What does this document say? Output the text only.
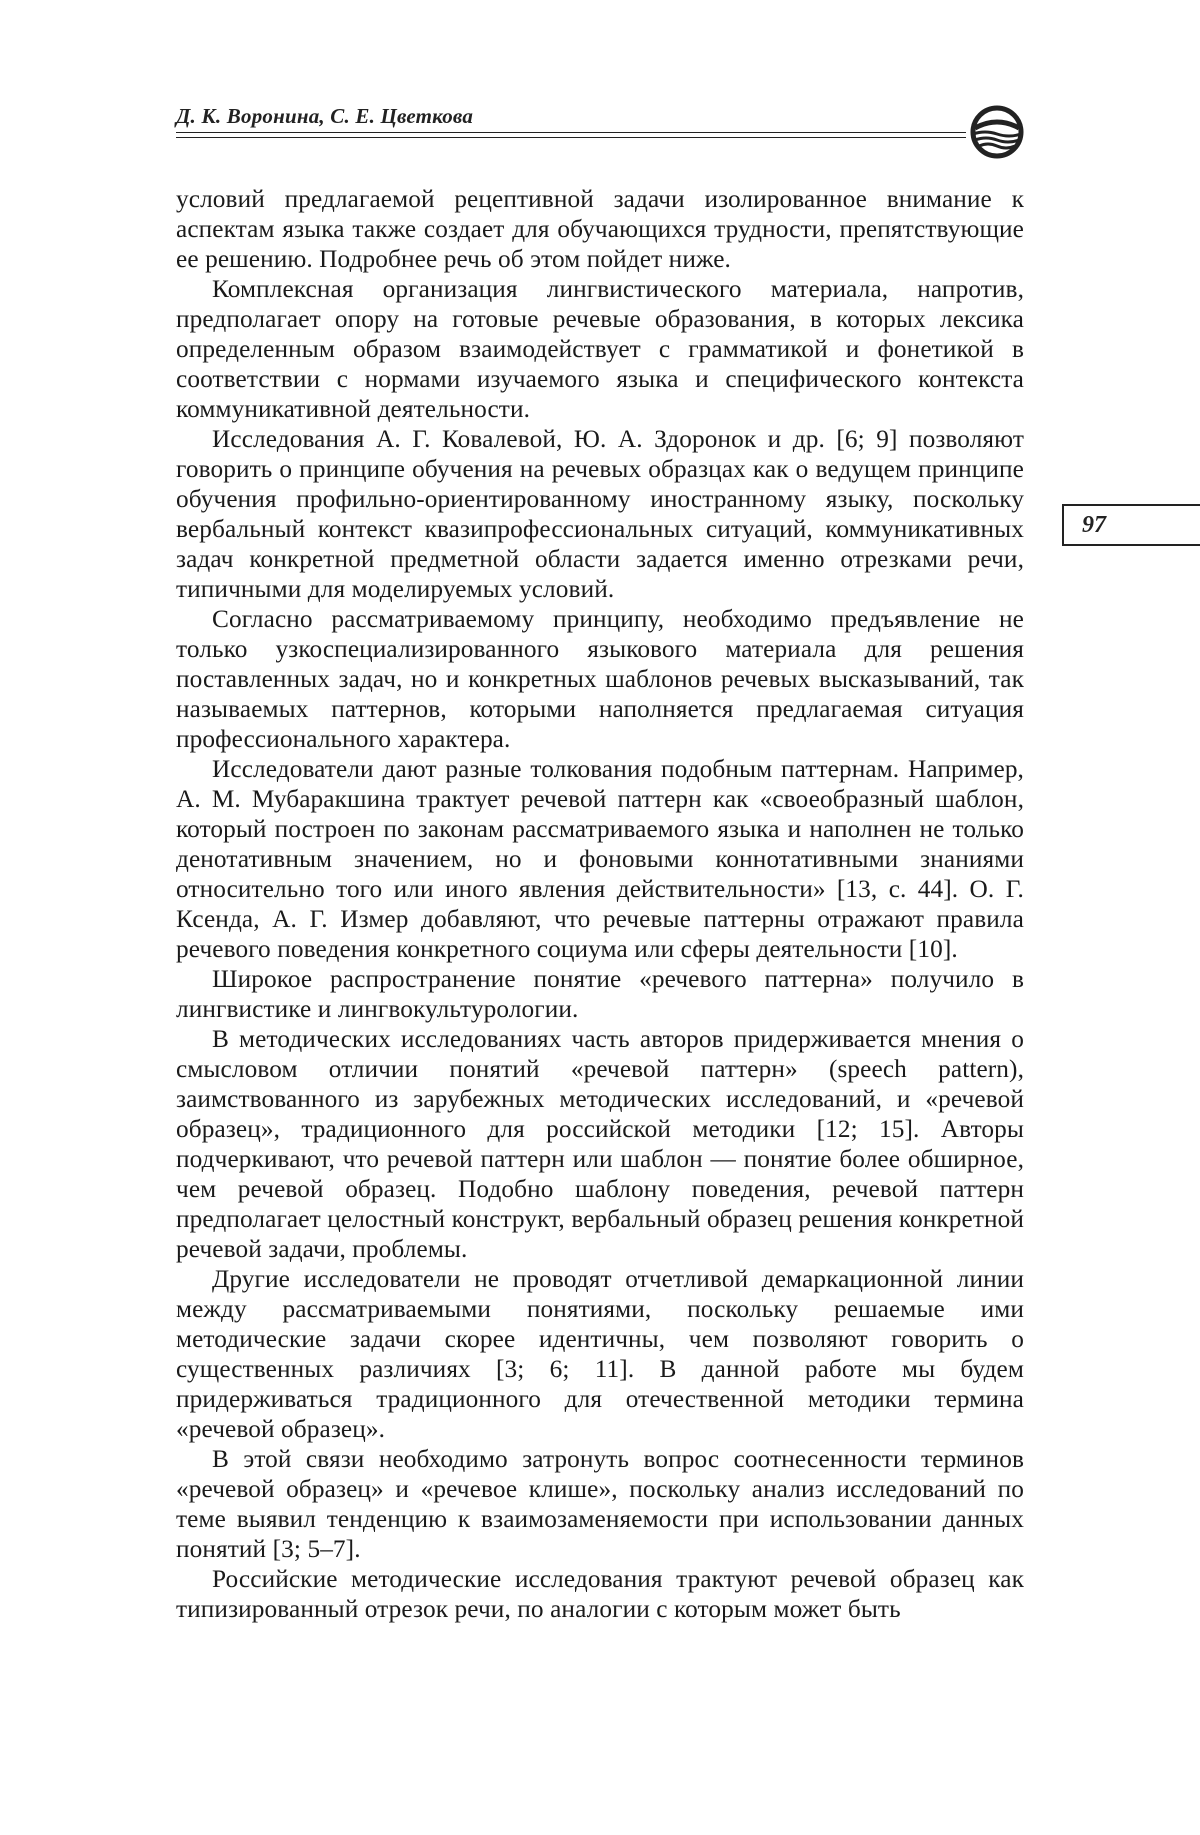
Д. К. Воронина, С. Е. Цветкова

условий предлагаемой рецептивной задачи изолированное внимание к аспектам языка также создает для обучающихся трудности, препятствующие ее решению. Подробнее речь об этом пойдет ниже.

Комплексная организация лингвистического материала, напротив, предполагает опору на готовые речевые образования, в которых лексика определенным образом взаимодействует с грамматикой и фонетикой в соответствии с нормами изучаемого языка и специфического контекста коммуникативной деятельности.

Исследования А. Г. Ковалевой, Ю. А. Здоронок и др. [6; 9] позволяют говорить о принципе обучения на речевых образцах как о ведущем принципе обучения профильно-ориентированному иностранному языку, поскольку вербальный контекст квазипрофессиональных ситуаций, коммуникативных задач конкретной предметной области задается именно отрезками речи, типичными для моделируемых условий.

Согласно рассматриваемому принципу, необходимо предъявление не только узкоспециализированного языкового материала для решения поставленных задач, но и конкретных шаблонов речевых высказываний, так называемых паттернов, которыми наполняется предлагаемая ситуация профессионального характера.

Исследователи дают разные толкования подобным паттернам. Например, А. М. Мубаракшина трактует речевой паттерн как «своеобразный шаблон, который построен по законам рассматриваемого языка и наполнен не только денотативным значением, но и фоновыми коннотативными знаниями относительно того или иного явления действительности» [13, с. 44]. О. Г. Ксенда, А. Г. Измер добавляют, что речевые паттерны отражают правила речевого поведения конкретного социума или сферы деятельности [10].

Широкое распространение понятие «речевого паттерна» получило в лингвистике и лингвокультурологии.

В методических исследованиях часть авторов придерживается мнения о смысловом отличии понятий «речевой паттерн» (speech pattern), заимствованного из зарубежных методических исследований, и «речевой образец», традиционного для российской методики [12; 15]. Авторы подчеркивают, что речевой паттерн или шаблон — понятие более обширное, чем речевой образец. Подобно шаблону поведения, речевой паттерн предполагает целостный конструкт, вербальный образец решения конкретной речевой задачи, проблемы.

Другие исследователи не проводят отчетливой демаркационной линии между рассматриваемыми понятиями, поскольку решаемые ими методические задачи скорее идентичны, чем позволяют говорить о существенных различиях [3; 6; 11]. В данной работе мы будем придерживаться традиционного для отечественной методики термина «речевой образец».

В этой связи необходимо затронуть вопрос соотнесенности терминов «речевой образец» и «речевое клише», поскольку анализ исследований по теме выявил тенденцию к взаимозаменяемости при использовании данных понятий [3; 5–7].

Российские методические исследования трактуют речевой образец как типизированный отрезок речи, по аналогии с которым может быть

97
